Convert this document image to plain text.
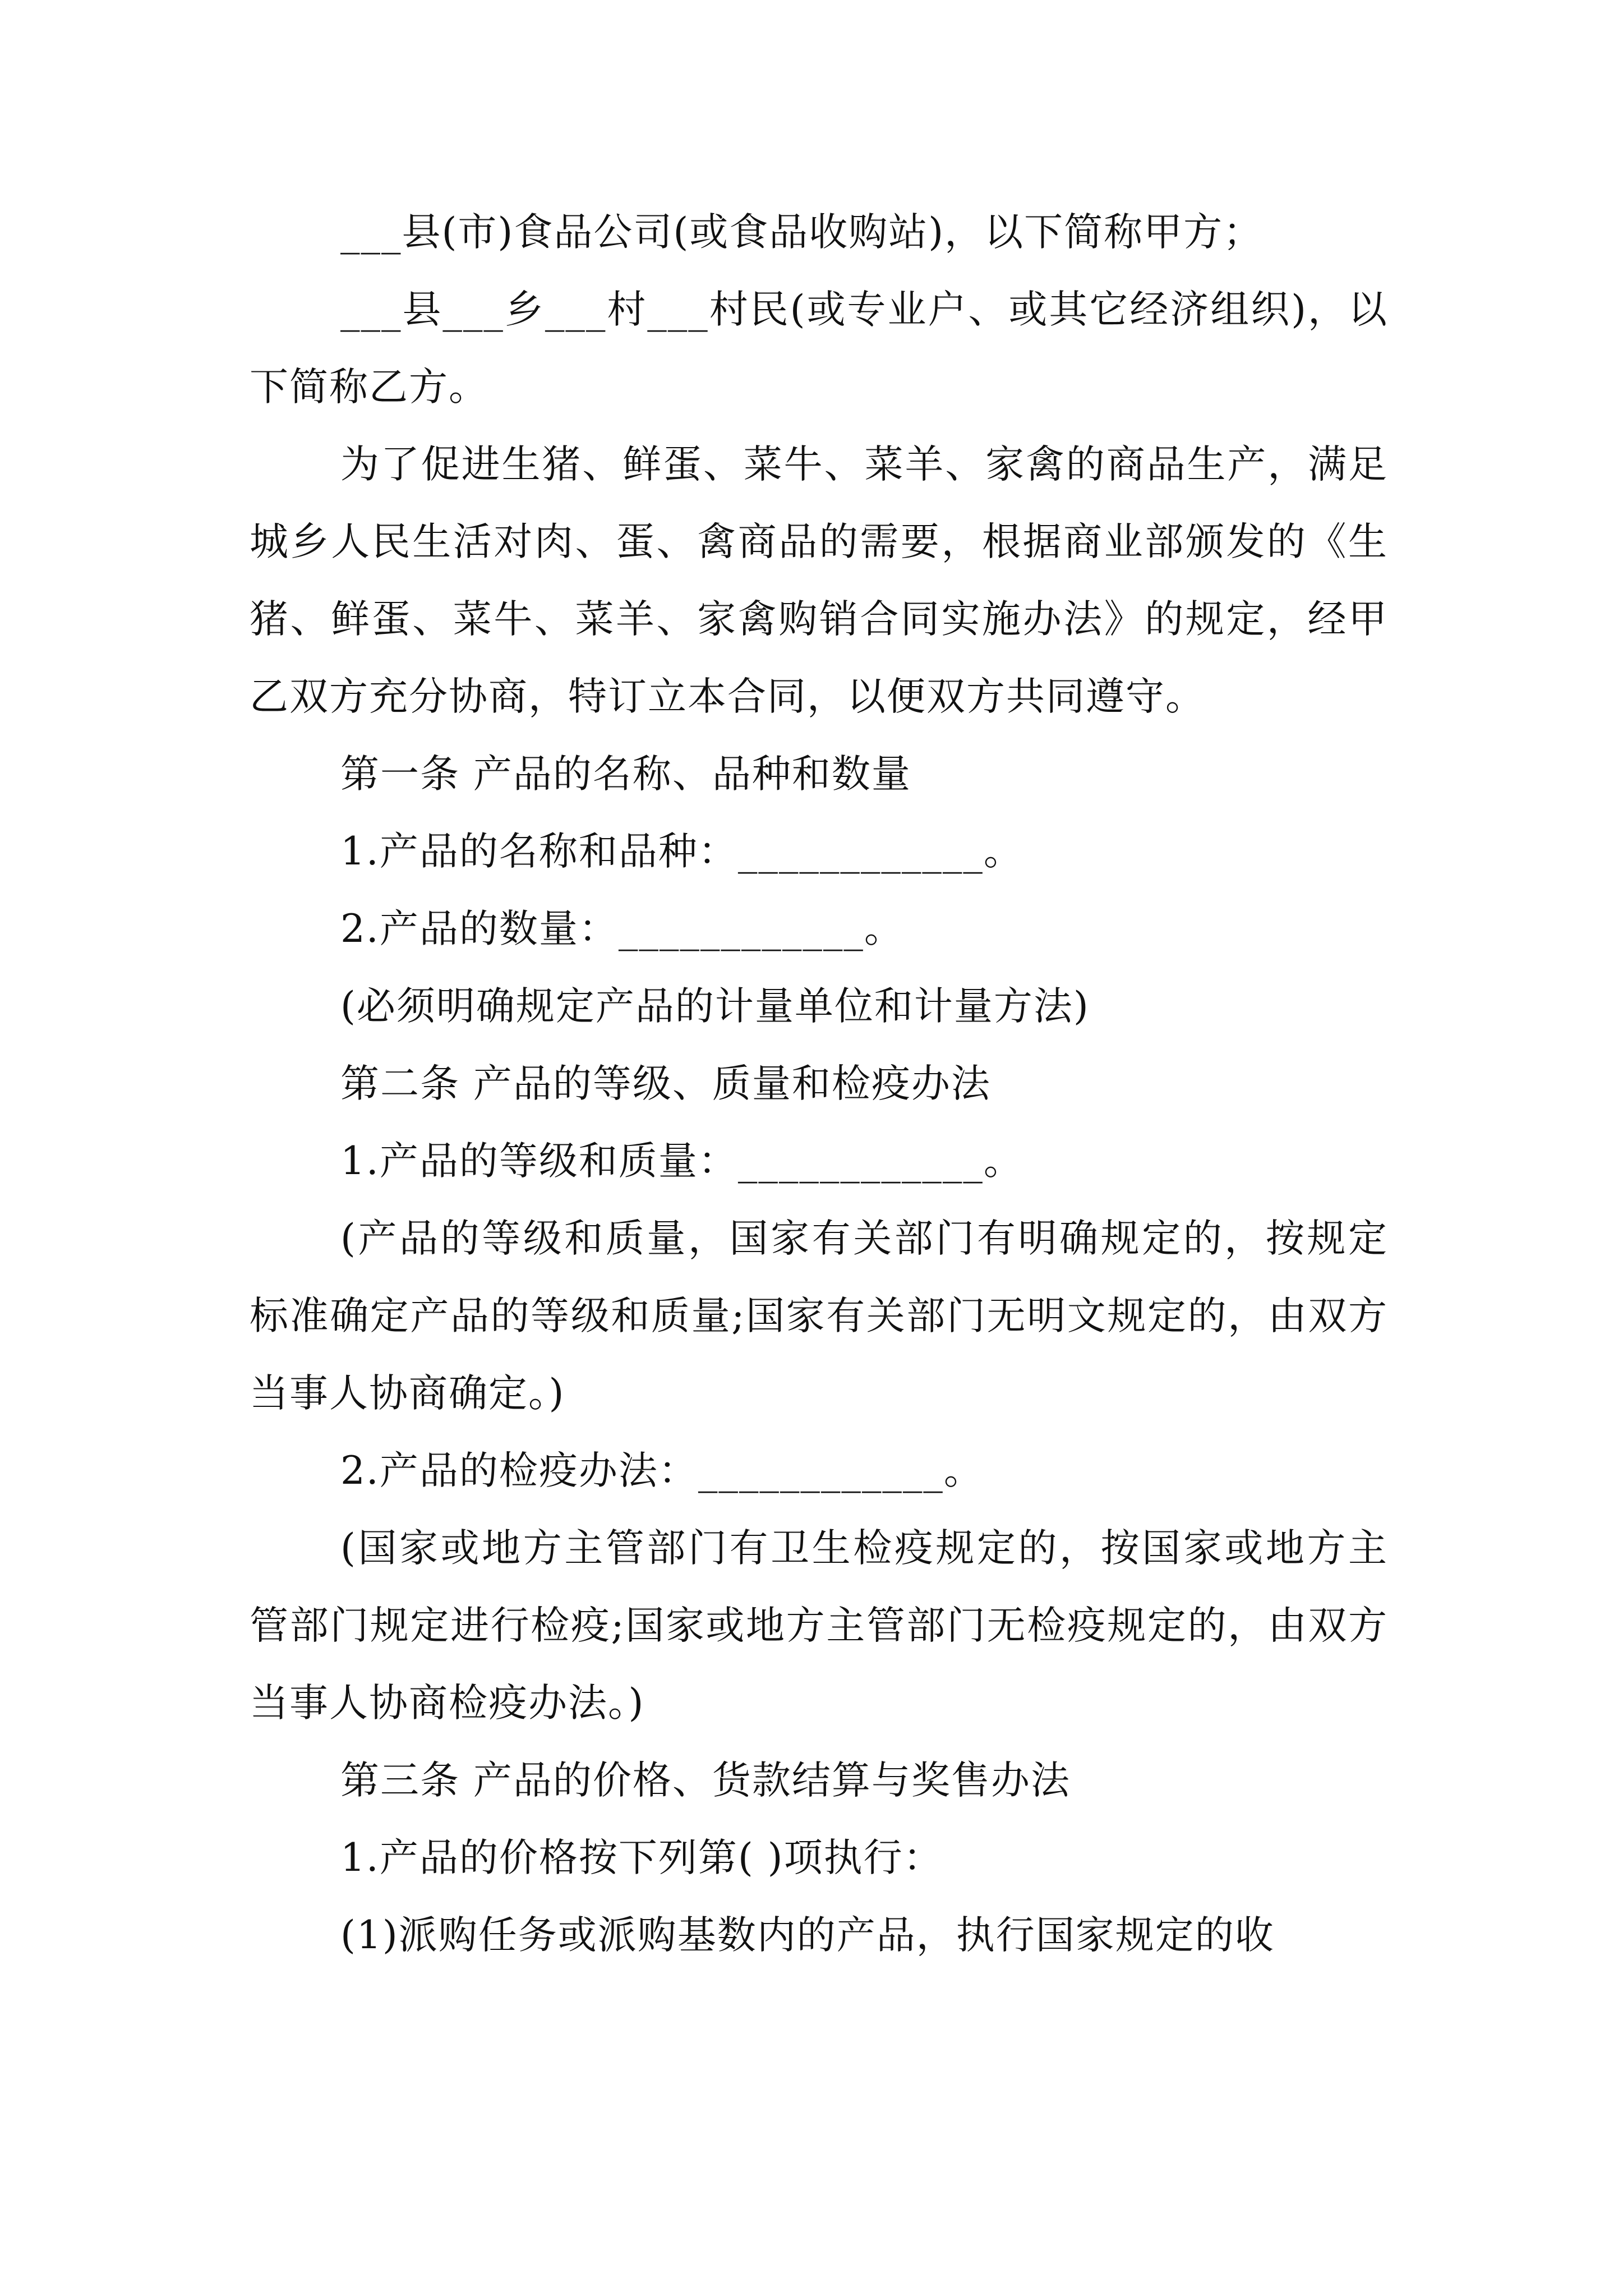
___县(市)食品公司(或食品收购站)，以下简称甲方；

___县___乡___村___村民(或专业户、或其它经济组织)，以下简称乙方。

为了促进生猪、鲜蛋、菜牛、菜羊、家禽的商品生产，满足城乡人民生活对肉、蛋、禽商品的需要，根据商业部颁发的《生猪、鲜蛋、菜牛、菜羊、家禽购销合同实施办法》的规定，经甲乙双方充分协商，特订立本合同，以便双方共同遵守。

第一条 产品的名称、品种和数量

1.产品的名称和品种：____________。

2.产品的数量：____________。

(必须明确规定产品的计量单位和计量方法)

第二条 产品的等级、质量和检疫办法

1.产品的等级和质量：____________。

(产品的等级和质量，国家有关部门有明确规定的，按规定标准确定产品的等级和质量;国家有关部门无明文规定的，由双方当事人协商确定。)

2.产品的检疫办法：____________。

(国家或地方主管部门有卫生检疫规定的，按国家或地方主管部门规定进行检疫;国家或地方主管部门无检疫规定的，由双方当事人协商检疫办法。)

第三条 产品的价格、货款结算与奖售办法

1.产品的价格按下列第( )项执行：

(1)派购任务或派购基数内的产品，执行国家规定的收
